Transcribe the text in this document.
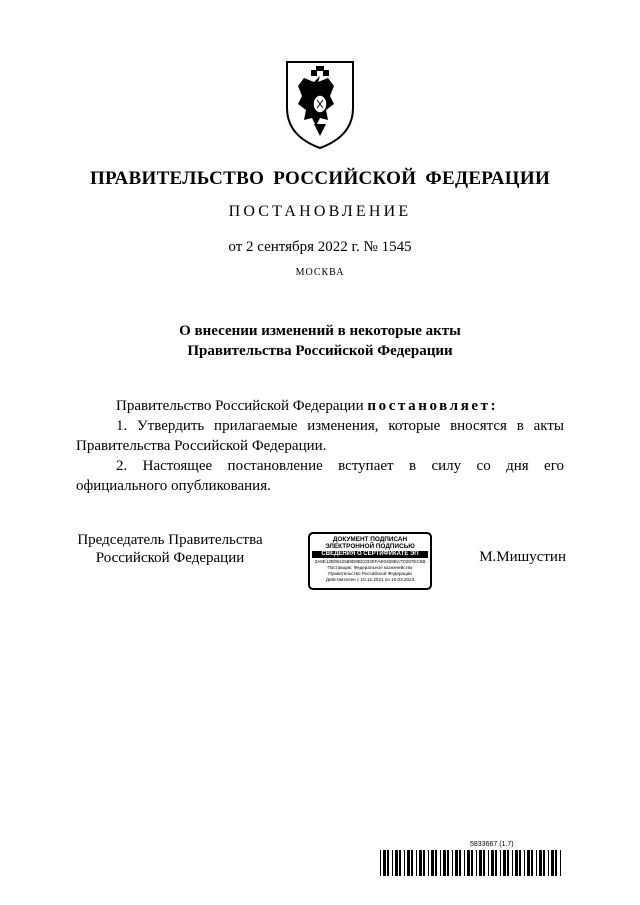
ПРАВИТЕЛЬСТВО РОССИЙСКОЙ ФЕДЕРАЦИИ
ПОСТАНОВЛЕНИЕ
от 2 сентября 2022 г. № 1545
МОСКВА
О внесении изменений в некоторые акты
Правительства Российской Федерации
Правительство Российской Федерации постановляет:
1. Утвердить прилагаемые изменения, которые вносятся в акты Правительства Российской Федерации.
2. Настоящее постановление вступает в силу со дня его официального опубликования.
Председатель Правительства
Российской Федерации
ДОКУМЕНТ ПОДПИСАН
ЭЛЕКТРОННОЙ ПОДПИСЬЮ
СВЕДЕНИЯ О СЕРТИФИКАТЕ ЭП
3A6E12B0542588D8BC032EFAE0408BA7D297EC6B
Поставщик: Федеральное казначейство
Правительство Российской Федерации
Действителен с 10.12.2021 по 10.03.2023
М.Мишустин
5833667 (1.7)
